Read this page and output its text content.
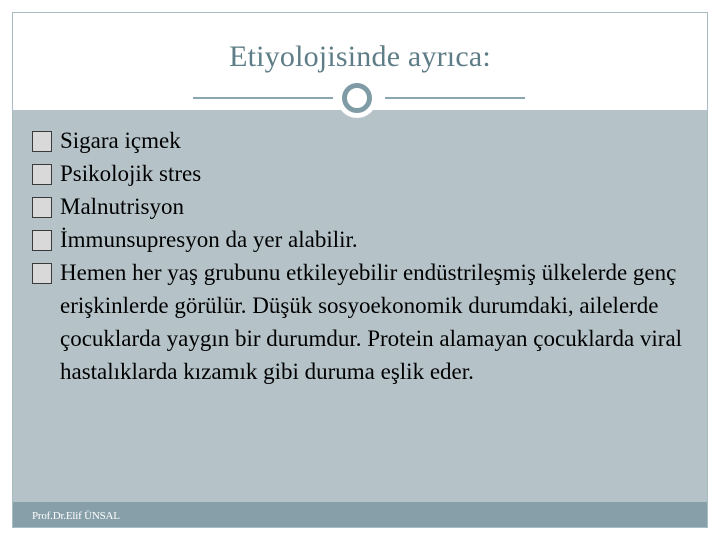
Etiyolojisinde ayrıca:
Sigara içmek
Psikolojik stres
Malnutrisyon
İmmunsupresyon da yer alabilir.
Hemen her yaş grubunu etkileyebilir endüstrileşmiş ülkelerde genç erişkinlerde görülür. Düşük sosyoekonomik durumdaki, ailelerde çocuklarda yaygın bir durumdur. Protein alamayan çocuklarda viral hastalıklarda kızamık gibi duruma eşlik eder.
Prof.Dr.Elif ÜNSAL
